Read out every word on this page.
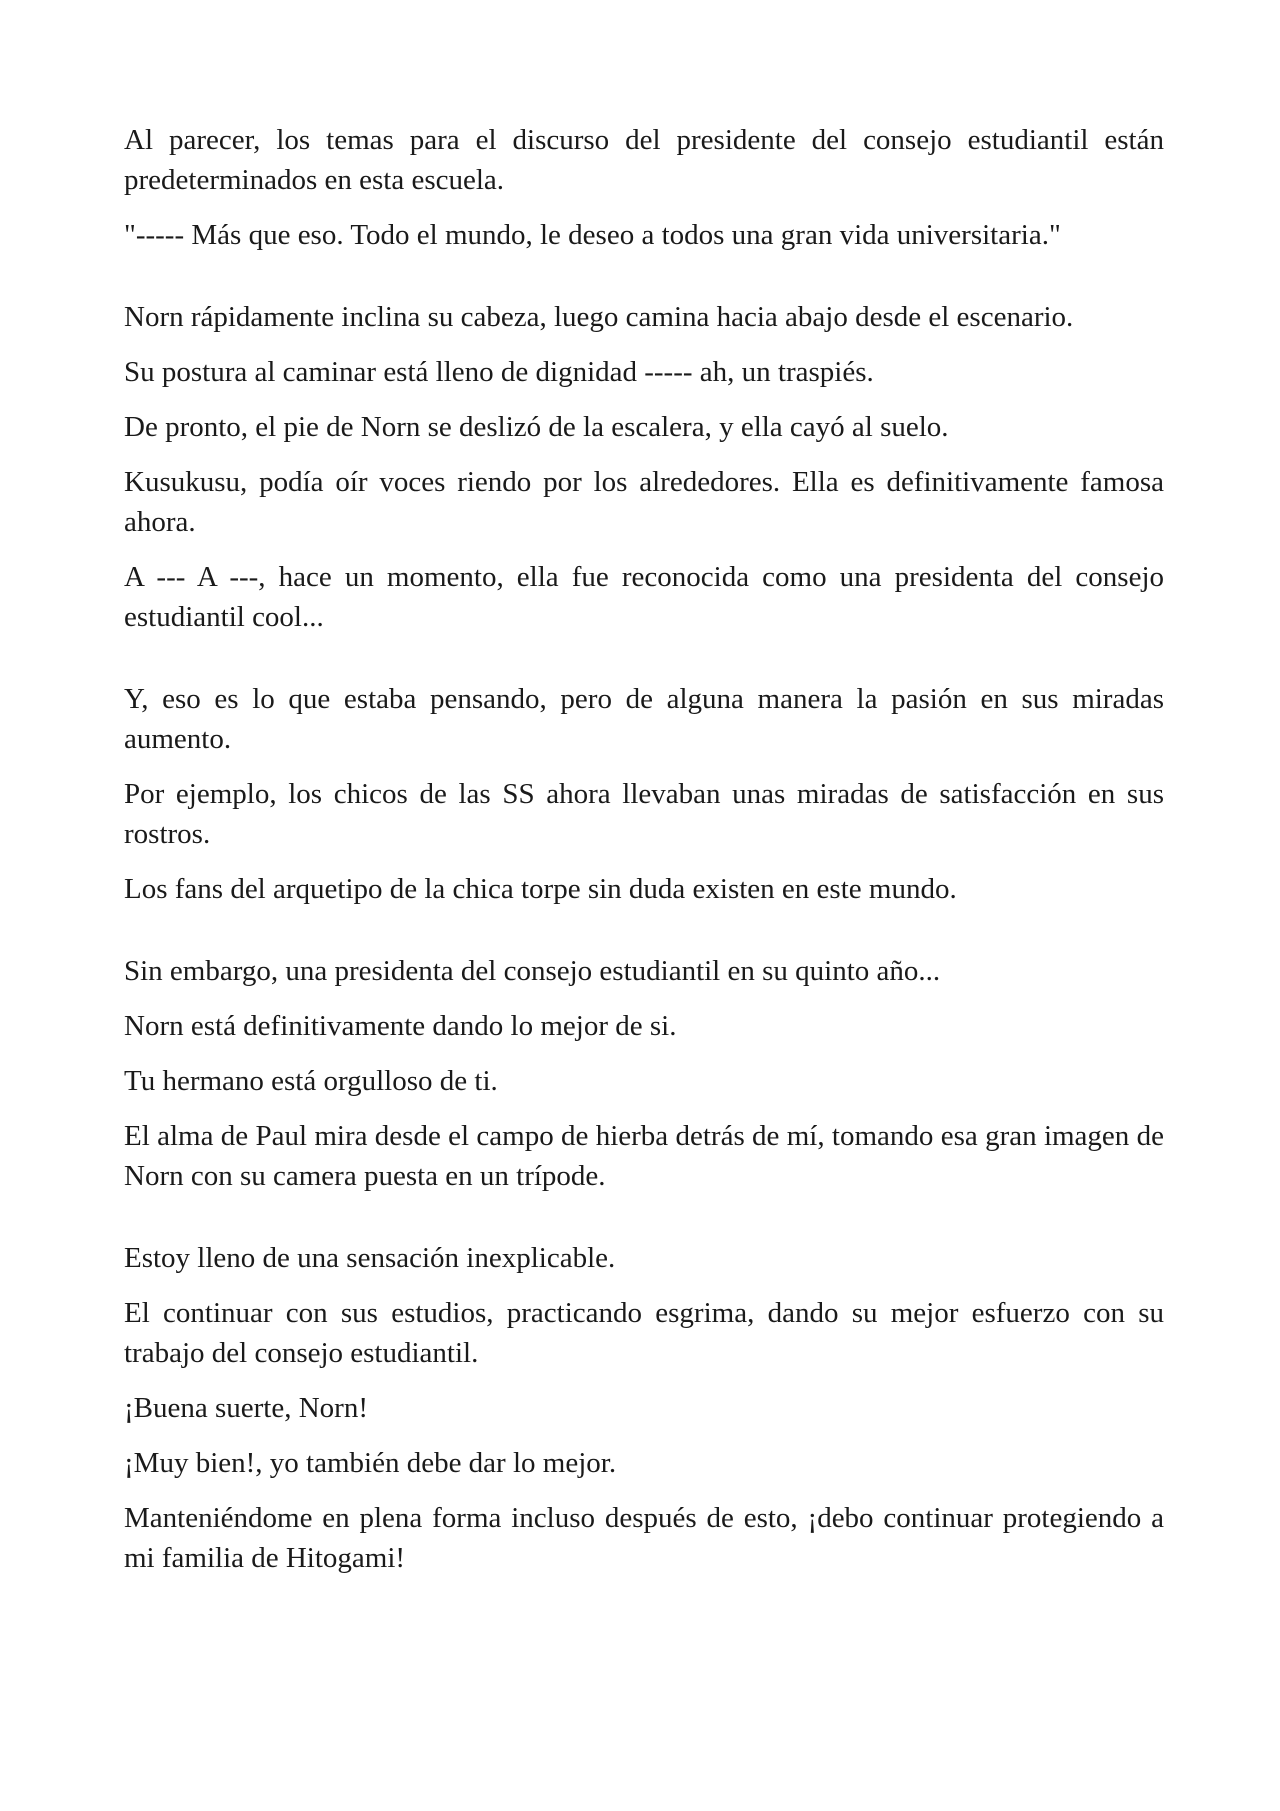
Al parecer, los temas para el discurso del presidente del consejo estudiantil están predeterminados en esta escuela.

"----- Más que eso. Todo el mundo, le deseo a todos una gran vida universitaria."

Norn rápidamente inclina su cabeza, luego camina hacia abajo desde el escenario.

Su postura al caminar está lleno de dignidad ----- ah, un traspiés.

De pronto, el pie de Norn se deslizó de la escalera, y ella cayó al suelo.

Kusukusu, podía oír voces riendo por los alrededores. Ella es definitivamente famosa ahora.

A --- A ---, hace un momento, ella fue reconocida como una presidenta del consejo estudiantil cool...

Y, eso es lo que estaba pensando, pero de alguna manera la pasión en sus miradas aumento.

Por ejemplo, los chicos de las SS ahora llevaban unas miradas de satisfacción en sus rostros.

Los fans del arquetipo de la chica torpe sin duda existen en este mundo.

Sin embargo, una presidenta del consejo estudiantil en su quinto año...

Norn está definitivamente dando lo mejor de si.

Tu hermano está orgulloso de ti.

El alma de Paul mira desde el campo de hierba detrás de mí, tomando esa gran imagen de Norn con su camera puesta en un trípode.

Estoy lleno de una sensación inexplicable.

El continuar con sus estudios, practicando esgrima, dando su mejor esfuerzo con su trabajo del consejo estudiantil.

¡Buena suerte, Norn!

¡Muy bien!, yo también debe dar lo mejor.

Manteniéndome en plena forma incluso después de esto, ¡debo continuar protegiendo a mi familia de Hitogami!
